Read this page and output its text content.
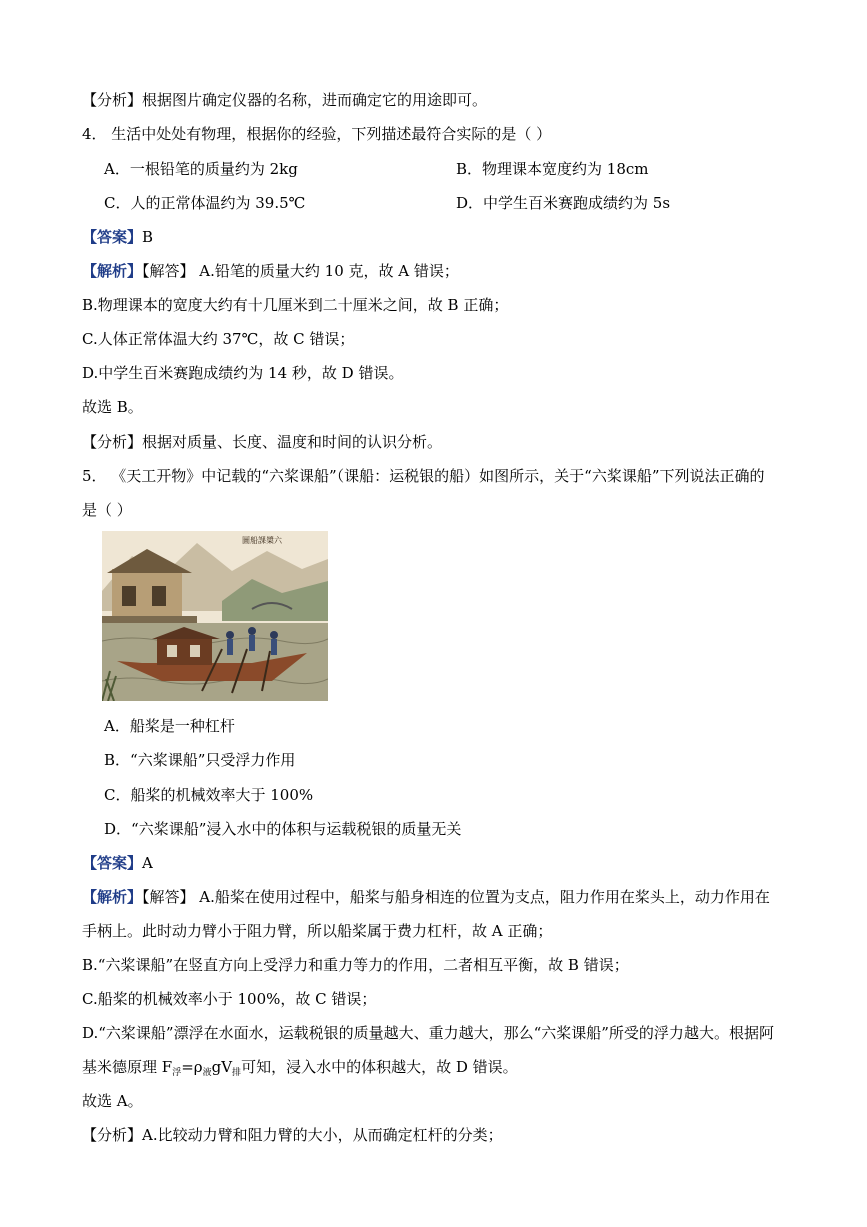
【分析】根据图片确定仪器的名称，进而确定它的用途即可。
4． 生活中处处有物理，根据你的经验，下列描述最符合实际的是（ ）
A．一根铅笔的质量约为 2kg	B．物理课本宽度约为 18cm
C．人的正常体温约为 39.5℃	D．中学生百米赛跑成绩约为 5s
【答案】B
【解析】【解答】 A.铅笔的质量大约 10 克，故 A 错误；
B.物理课本的宽度大约有十几厘米到二十厘米之间，故 B 正确；
C.人体正常体温大约 37℃，故 C 错误；
D.中学生百米赛跑成绩约为 14 秒，故 D 错误。
故选 B。
【分析】根据对质量、长度、温度和时间的认识分析。
5． 《天工开物》中记载的“六桨课船”（课船：运税银的船）如图所示，关于“六桨课船”下列说法正确的
是（ ）
圖船課槳六
A．船桨是一种杠杆
B．“六桨课船”只受浮力作用
C．船桨的机械效率大于 100%
D．“六桨课船”浸入水中的体积与运载税银的质量无关
【答案】A
【解析】【解答】 A.船桨在使用过程中，船桨与船身相连的位置为支点，阻力作用在桨头上，动力作用在
手柄上。此时动力臂小于阻力臂，所以船桨属于费力杠杆，故 A 正确；
B.“六桨课船”在竖直方向上受浮力和重力等力的作用，二者相互平衡，故 B 错误；
C.船桨的机械效率小于 100%，故 C 错误；
D.“六桨课船”漂浮在水面水，运载税银的质量越大、重力越大，那么“六桨课船”所受的浮力越大。根据阿
基米德原理 $F_浮=\rho_液gV_排$可知，浸入水中的体积越大，故 D 错误。
故选 A。
【分析】A.比较动力臂和阻力臂的大小，从而确定杠杆的分类；
